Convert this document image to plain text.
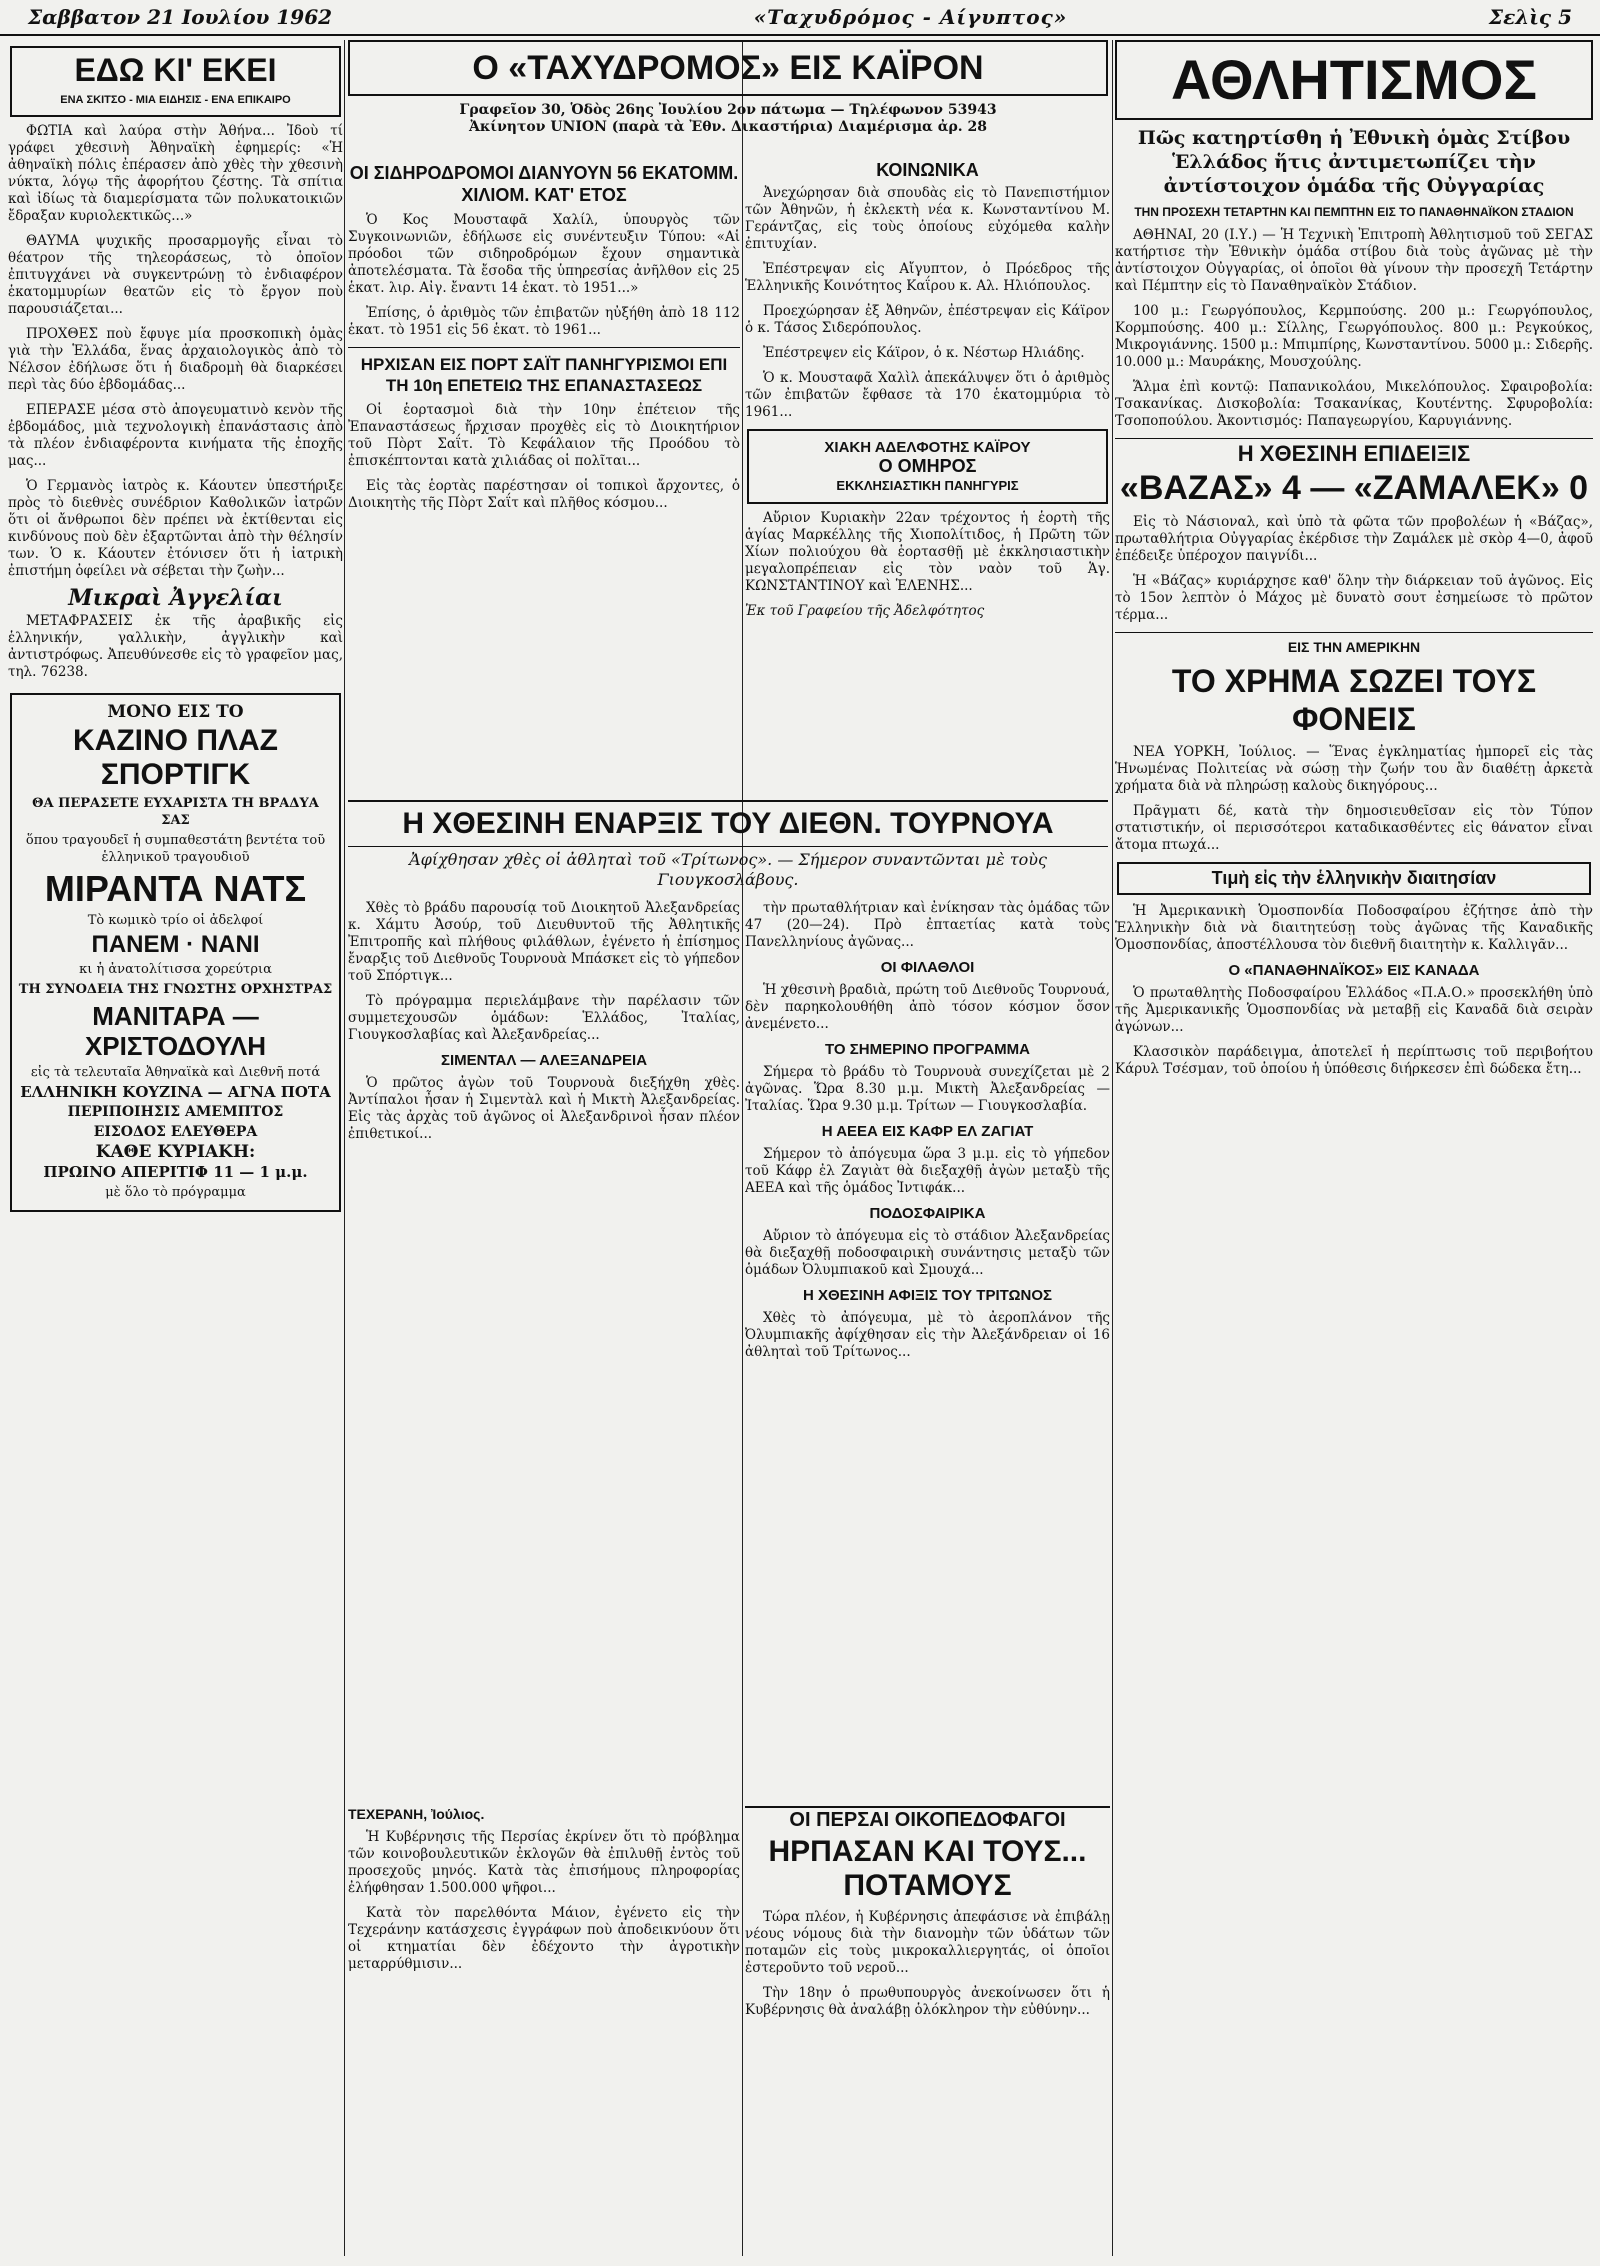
Σαββατον 21 Ιουλίου 1962	«Ταχυδρόμος - Αίγυπτος»	Σελὶς 5
ΕΔΩ ΚΙ' ΕΚΕΙ
ΕΝΑ ΣΚΙΤΣΟ - ΜΙΑ ΕΙΔΗΣΙΣ - ΕΝΑ ΕΠΙΚΑΙΡΟ

ΦΩΤΙΑ καὶ λαύρα στὴν Ἀθήνα... Ἰδοὺ τί γράφει χθεσινὴ Ἀθηναϊκὴ ἐφημερίς: «Ἡ ἀθηναϊκὴ πόλις ἐπέρασεν ἀπὸ χθὲς τὴν χθεσινὴ νύκτα, λόγῳ τῆς ἀφορήτου ζέστης. Τὰ σπίτια καὶ ἰδίως τὰ διαμερίσματα τῶν πολυκατοικιῶν ἔδραξαν κυριολεκτικῶς...»

ΘΑΥΜΑ ψυχικῆς προσαρμογῆς εἶναι τὸ θέατρον τῆς τηλεοράσεως, τὸ ὁποῖον ἐπιτυγχάνει νὰ συγκεντρώνῃ τὸ ἐνδιαφέρον ἑκατομμυρίων θεατῶν εἰς τὸ ἔργον ποὺ παρουσιάζεται...

ΠΡΟΧΘΕΣ ποὺ ἔφυγε μία προσκοπικὴ ὁμὰς γιὰ τὴν Ἑλλάδα, ἕνας ἀρχαιολογικὸς ἀπὸ τὸ Νέλσον ἐδήλωσε ὅτι ἡ διαδρομὴ θὰ διαρκέσει περὶ τὰς δύο ἑβδομάδας...

ΕΠΕΡΑΣΕ μέσα στὸ ἀπογευματινὸ κενὸν τῆς ἐβδομάδος, μιὰ τεχνολογικὴ ἐπανάστασις ἀπὸ τὰ πλέον ἐνδιαφέροντα κινήματα τῆς ἐποχῆς μας...

Ὁ Γερμανὸς ἰατρὸς κ. Κάουτεν ὑπεστήριξε πρὸς τὸ διεθνὲς συνέδριον Καθολικῶν ἰατρῶν ὅτι οἱ ἄνθρωποι δὲν πρέπει νὰ ἐκτίθενται εἰς κινδύνους ποὺ δὲν ἐξαρτῶνται ἀπὸ τὴν θέλησίν των. Ὁ κ. Κάουτεν ἐτόνισεν ὅτι ἡ ἰατρικὴ ἐπιστήμη ὀφείλει νὰ σέβεται τὴν ζωὴν...

Μικραὶ Ἀγγελίαι

ΜΕΤΑΦΡΑΣΕΙΣ ἐκ τῆς ἀραβικῆς εἰς ἑλληνικήν, γαλλικὴν, ἀγγλικὴν καὶ ἀντιστρόφως. Ἀπευθύνεσθε εἰς τὸ γραφεῖον μας, τηλ. 76238.

ΜΟΝΟ ΕΙΣ ΤΟ

ΚΑΖΙΝΟ ΠΛΑΖ ΣΠΟΡΤΙΓΚ

ΘΑ ΠΕΡΑΣΕΤΕ ΕΥΧΑΡΙΣΤΑ ΤΗ ΒΡΑΔΥΑ ΣΑΣ

ὅπου τραγουδεῖ ἡ συμπαθεστάτη βεντέτα τοῦ ἑλληνικοῦ τραγουδιοῦ

ΜΙΡΑΝΤΑ ΝΑΤΣ

Τὸ κωμικὸ τρίο οἱ ἀδελφοί

ΠΑΝΕΜ · ΝΑΝΙ

κι ἡ ἀνατολίτισσα χορεύτρια

ΤΗ ΣΥΝΟΔΕΙΑ ΤΗΣ ΓΝΩΣΤΗΣ ΟΡΧΗΣΤΡΑΣ

ΜΑΝΙΤΑΡΑ — ΧΡΙΣΤΟΔΟΥΛΗ

εἰς τὰ τελευταῖα Ἀθηναϊκὰ καὶ Διεθνῆ ποτά

ΕΛΛΗΝΙΚΗ ΚΟΥΖΙΝΑ — ΑΓΝΑ ΠΟΤΑ

ΠΕΡΙΠΟΙΗΣΙΣ ΑΜΕΜΠΤΟΣ

ΕΙΣΟΔΟΣ ΕΛΕΥΘΕΡΑ

ΚΑΘΕ ΚΥΡΙΑΚΗ:

ΠΡΩΙΝΟ ΑΠΕΡΙΤΙΦ 11 — 1 μ.μ.

μὲ ὅλο τὸ πρόγραμμα

Ο «ΤΑΧΥΔΡΟΜΟΣ» ΕΙΣ ΚΑΪΡΟΝ
Γραφεῖον 30, Ὁδὸς 26ης Ἰουλίου 2ον πάτωμα — Τηλέφωνον 53943
Ἀκίνητον UNION (παρὰ τὰ Ἐθν. Δικαστήρια) Διαμέρισμα ἀρ. 28
ΟΙ ΣΙΔΗΡΟΔΡΟΜΟΙ ΔΙΑΝΥΟΥΝ 56 ΕΚΑΤΟΜΜ. ΧΙΛΙΟΜ. ΚΑΤ' ΕΤΟΣ

Ὁ Κος Μουσταφᾶ Χαλίλ, ὑπουργὸς τῶν Συγκοινωνιῶν, ἐδήλωσε εἰς συνέντευξιν Τύπου: «Αἱ πρόοδοι τῶν σιδηροδρόμων ἔχουν σημαντικὰ ἀποτελέσματα. Τὰ ἔσοδα τῆς ὑπηρεσίας ἀνῆλθον εἰς 25 ἑκατ. λιρ. Αἰγ. ἔναντι 14 ἑκατ. τὸ 1951...»

Ἐπίσης, ὁ ἀριθμὸς τῶν ἐπιβατῶν ηὐξήθη ἀπὸ 18 112 ἑκατ. τὸ 1951 εἰς 56 ἑκατ. τὸ 1961...

ΗΡΧΙΣΑΝ ΕΙΣ ΠΟΡΤ ΣΑΪΤ ΠΑΝΗΓΥΡΙΣΜΟΙ ΕΠΙ ΤΗ 10η ΕΠΕΤΕΙΩ ΤΗΣ ΕΠΑΝΑΣΤΑΣΕΩΣ

Οἱ ἑορτασμοὶ διὰ τὴν 10ην ἐπέτειον τῆς Ἐπαναστάσεως ἤρχισαν προχθὲς εἰς τὸ Διοικητήριον τοῦ Πὸρτ Σαΐτ. Τὸ Κεφάλαιον τῆς Προόδου τὸ ἐπισκέπτονται κατὰ χιλιάδας οἱ πολῖται...

Εἰς τὰς ἑορτὰς παρέστησαν οἱ τοπικοὶ ἄρχοντες, ὁ Διοικητὴς τῆς Πὸρτ Σαΐτ καὶ πλῆθος κόσμου...

ΚΟΙΝΩΝΙΚΑ

Ἀνεχώρησαν διὰ σπουδὰς εἰς τὸ Πανεπιστήμιον τῶν Ἀθηνῶν, ἡ ἐκλεκτὴ νέα κ. Κωνσταντίνου Μ. Γεράντζας, εἰς τοὺς ὁποίους εὐχόμεθα καλὴν ἐπιτυχίαν.

Ἐπέστρεψαν εἰς Αἴγυπτον, ὁ Πρόεδρος τῆς Ἑλληνικῆς Κοινότητος Καΐρου κ. Αλ. Ηλιόπουλος.

Προεχώρησαν ἐξ Ἀθηνῶν, ἐπέστρεψαν εἰς Κάϊρον ὁ κ. Τάσος Σιδερόπουλος.

Ἐπέστρεψεν εἰς Κάϊρον, ὁ κ. Νέστωρ Ηλιάδης.

Ὁ κ. Μουσταφᾶ Χαλὶλ ἀπεκάλυψεν ὅτι ὁ ἀριθμὸς τῶν ἐπιβατῶν ἔφθασε τὰ 170 ἑκατομμύρια τὸ 1961...

ΧΙΑΚΗ ΑΔΕΛΦΟΤΗΣ ΚΑΪΡΟΥ
Ο ΟΜΗΡΟΣ
ΕΚΚΛΗΣΙΑΣΤΙΚΗ ΠΑΝΗΓΥΡΙΣ

Αὔριον Κυριακὴν 22αν τρέχοντος ἡ ἑορτὴ τῆς ἁγίας Μαρκέλλης τῆς Χιοπολίτιδος, ἡ Πρῶτη τῶν Χίων πολιούχου θὰ ἑορτασθῇ μὲ ἐκκλησιαστικὴν μεγαλοπρέπειαν εἰς τὸν ναὸν τοῦ Ἁγ. ΚΩΝΣΤΑΝΤΙΝΟΥ καὶ ἙΛΕΝΗΣ...

Ἐκ τοῦ Γραφείου τῆς Ἀδελφότητος

Η ΧΘΕΣΙΝΗ ΕΝΑΡΞΙΣ ΤΟΥ ΔΙΕΘΝ. ΤΟΥΡΝΟΥΑ
Ἀφίχθησαν χθὲς οἱ ἀθληταὶ τοῦ «Τρίτωνος». — Σήμερον συναντῶνται μὲ τοὺς Γιουγκοσλάβους.

Χθὲς τὸ βράδυ παρουσίᾳ τοῦ Διοικητοῦ Ἀλεξανδρείας κ. Χάμτυ Ἀσούρ, τοῦ Διευθυντοῦ τῆς Ἀθλητικῆς Ἐπιτροπῆς καὶ πλήθους φιλάθλων, ἐγένετο ἡ ἐπίσημος ἔναρξις τοῦ Διεθνοῦς Τουρνουὰ Μπάσκετ εἰς τὸ γήπεδον τοῦ Σπόρτιγκ...

Τὸ πρόγραμμα περιελάμβανε τὴν παρέλασιν τῶν συμμετεχουσῶν ὁμάδων: Ἑλλάδος, Ἰταλίας, Γιουγκοσλαβίας καὶ Ἀλεξανδρείας...

ΣΙΜΕΝΤΑΛ — ΑΛΕΞΑΝΔΡΕΙΑ

Ὁ πρῶτος ἀγὼν τοῦ Τουρνουὰ διεξήχθη χθὲς. Ἀντίπαλοι ἦσαν ἡ Σιμεντὰλ καὶ ἡ Μικτὴ Ἀλεξανδρείας. Εἰς τὰς ἀρχὰς τοῦ ἀγῶνος οἱ Ἀλεξανδρινοὶ ἦσαν πλέον ἐπιθετικοί...

τὴν πρωταθλήτριαν καὶ ἐνίκησαν τὰς ὁμάδας τῶν 47 (20—24). Πρὸ ἐπταετίας κατὰ τοὺς Πανελληνίους ἀγῶνας...

ΟΙ ΦΙΛΑΘΛΟΙ

Ἡ χθεσινὴ βραδιὰ, πρώτη τοῦ Διεθνοῦς Τουρνουά, δὲν παρηκολουθήθη ἀπὸ τόσον κόσμον ὅσον ἀνεμένετο...

ΤΟ ΣΗΜΕΡΙΝΟ ΠΡΟΓΡΑΜΜΑ

Σήμερα τὸ βράδυ τὸ Τουρνουὰ συνεχίζεται μὲ 2 ἀγῶνας. Ὥρα 8.30 μ.μ. Μικτὴ Ἀλεξανδρείας — Ἰταλίας. Ὥρα 9.30 μ.μ. Τρίτων — Γιουγκοσλαβία.

Η ΑΕΕΑ ΕΙΣ ΚΑΦΡ ΕΛ ΖΑΓΙΑΤ

Σήμερον τὸ ἀπόγευμα ὥρα 3 μ.μ. εἰς τὸ γήπεδον τοῦ Κάφρ ἐλ Ζαγιὰτ θὰ διεξαχθῇ ἀγὼν μεταξὺ τῆς ΑΕΕΑ καὶ τῆς ὁμάδος Ἰντιφάκ...

ΠΟΔΟΣΦΑΙΡΙΚΑ

Αὔριον τὸ ἀπόγευμα εἰς τὸ στάδιον Ἀλεξανδρείας θὰ διεξαχθῇ ποδοσφαιρικὴ συνάντησις μεταξὺ τῶν ὁμάδων Ὀλυμπιακοῦ καὶ Σμουχά...

Η ΧΘΕΣΙΝΗ ΑΦΙΞΙΣ ΤΟΥ ΤΡΙΤΩΝΟΣ

Χθὲς τὸ ἀπόγευμα, μὲ τὸ ἀεροπλάνον τῆς Ὀλυμπιακῆς ἀφίχθησαν εἰς τὴν Ἀλεξάνδρειαν οἱ 16 ἀθληταὶ τοῦ Τρίτωνος...

ΤΕΧΕΡΑΝΗ, Ἰούλιος.

Ἡ Κυβέρνησις τῆς Περσίας ἐκρίνεν ὅτι τὸ πρόβλημα τῶν κοινοβουλευτικῶν ἐκλογῶν θὰ ἐπιλυθῇ ἐντὸς τοῦ προσεχοῦς μηνός. Κατὰ τὰς ἐπισήμους πληροφορίας ἐλήφθησαν 1.500.000 ψῆφοι...

Κατὰ τὸν παρελθόντα Μάιον, ἐγένετο εἰς τὴν Τεχεράνην κατάσχεσις ἐγγράφων ποὺ ἀποδεικνύουν ὅτι οἱ κτηματίαι δὲν ἐδέχοντο τὴν ἀγροτικὴν μεταρρύθμισιν...

ΟΙ ΠΕΡΣΑΙ ΟΙΚΟΠΕΔΟΦΑΓΟΙ
ΗΡΠΑΣΑΝ ΚΑΙ ΤΟΥΣ... ΠΟΤΑΜΟΥΣ

Τώρα πλέον, ἡ Κυβέρνησις ἀπεφάσισε νὰ ἐπιβάλῃ νέους νόμους διὰ τὴν διανομὴν τῶν ὑδάτων τῶν ποταμῶν εἰς τοὺς μικροκαλλιεργητάς, οἱ ὁποῖοι ἐστεροῦντο τοῦ νεροῦ...

Τὴν 18ην ὁ πρωθυπουργὸς ἀνεκοίνωσεν ὅτι ἡ Κυβέρνησις θὰ ἀναλάβῃ ὁλόκληρον τὴν εὐθύνην...

ΑΘΛΗΤΙΣΜΟΣ
Πῶς κατηρτίσθη ἡ Ἐθνικὴ ὁμὰς Στίβου Ἑλλάδος ἥτις ἀντιμετωπίζει τὴν ἀντίστοιχον ὁμάδα τῆς Οὐγγαρίας
ΤΗΝ ΠΡΟΣΕΧΗ ΤΕΤΑΡΤΗΝ ΚΑΙ ΠΕΜΠΤΗΝ ΕΙΣ ΤΟ ΠΑΝΑΘΗΝΑΪΚΟΝ ΣΤΑΔΙΟΝ

ΑΘΗΝΑΙ, 20 (Ι.Υ.) — Ἡ Τεχνικὴ Ἐπιτροπὴ Ἀθλητισμοῦ τοῦ ΣΕΓΑΣ κατήρτισε τὴν Ἐθνικὴν ὁμάδα στίβου διὰ τοὺς ἀγῶνας μὲ τὴν ἀντίστοιχον Οὐγγαρίας, οἱ ὁποῖοι θὰ γίνουν τὴν προσεχῆ Τετάρτην καὶ Πέμπτην εἰς τὸ Παναθηναϊκὸν Στάδιον.

100 μ.: Γεωργόπουλος, Κερμπούσης. 200 μ.: Γεωργόπουλος, Κορμπούσης. 400 μ.: Σίλλης, Γεωργόπουλος. 800 μ.: Ρεγκούκος, Μικρογιάννης. 1500 μ.: Μπιμπίρης, Κωνσταντίνου. 5000 μ.: Σιδερῆς. 10.000 μ.: Μαυράκης, Μουσχούλης.

Ἅλμα ἐπὶ κοντῷ: Παπανικολάου, Μικελόπουλος. Σφαιροβολία: Τσακανίκας. Δισκοβολία: Τσακανίκας, Κουτέντης. Σφυροβολία: Τσοποπούλου. Ἀκοντισμός: Παπαγεωργίου, Καρυγιάννης.

Η ΧΘΕΣΙΝΗ ΕΠΙΔΕΙΞΙΣ
«ΒΑΖΑΣ» 4 — «ΖΑΜΑΛΕΚ» 0

Εἰς τὸ Νάσιοναλ, καὶ ὑπὸ τὰ φῶτα τῶν προβολέων ἡ «Βάζας», πρωταθλήτρια Οὐγγαρίας ἐκέρδισε τὴν Ζαμάλεκ μὲ σκὸρ 4—0, ἀφοῦ ἐπέδειξε ὑπέροχον παιγνίδι...

Ἡ «Βάζας» κυριάρχησε καθ' ὅλην τὴν διάρκειαν τοῦ ἀγῶνος. Εἰς τὸ 15ον λεπτὸν ὁ Μάχος μὲ δυνατὸ σουτ ἐσημείωσε τὸ πρῶτον τέρμα...

ΕΙΣ ΤΗΝ ΑΜΕΡΙΚΗΝ
ΤΟ ΧΡΗΜΑ ΣΩΖΕΙ ΤΟΥΣ ΦΟΝΕΙΣ

ΝΕΑ ΥΟΡΚΗ, Ἰούλιος. — Ἕνας ἐγκληματίας ἠμπορεῖ εἰς τὰς Ἡνωμένας Πολιτείας νὰ σώσῃ τὴν ζωήν του ἂν διαθέτῃ ἀρκετὰ χρήματα διὰ νὰ πληρώσῃ καλοὺς δικηγόρους...

Πρᾶγματι δέ, κατὰ τὴν δημοσιευθεῖσαν εἰς τὸν Τύπον στατιστικήν, οἱ περισσότεροι καταδικασθέντες εἰς θάνατον εἶναι ἄτομα πτωχά...

Τιμὴ εἰς τὴν ἑλληνικὴν διαιτησίαν

Ἡ Ἀμερικανικὴ Ὁμοσπονδία Ποδοσφαίρου ἐζήτησε ἀπὸ τὴν Ἑλληνικὴν διὰ νὰ διαιτητεύσῃ τοὺς ἀγῶνας τῆς Καναδικῆς Ὁμοσπονδίας, ἀποστέλλουσα τὸν διεθνῆ διαιτητὴν κ. Καλλιγᾶν...

Ο «ΠΑΝΑΘΗΝΑΪΚΟΣ» ΕΙΣ ΚΑΝΑΔΑ

Ὁ πρωταθλητὴς Ποδοσφαίρου Ἑλλάδος «Π.Α.Ο.» προσεκλήθη ὑπὸ τῆς Ἀμερικανικῆς Ὁμοσπονδίας νὰ μεταβῇ εἰς Καναδᾶ διὰ σειρὰν ἀγώνων...

Κλασσικὸν παράδειγμα, ἀποτελεῖ ἡ περίπτωσις τοῦ περιβοήτου Κάρυλ Τσέσμαν, τοῦ ὁποίου ἡ ὑπόθεσις διήρκεσεν ἐπὶ δώδεκα ἔτη...
